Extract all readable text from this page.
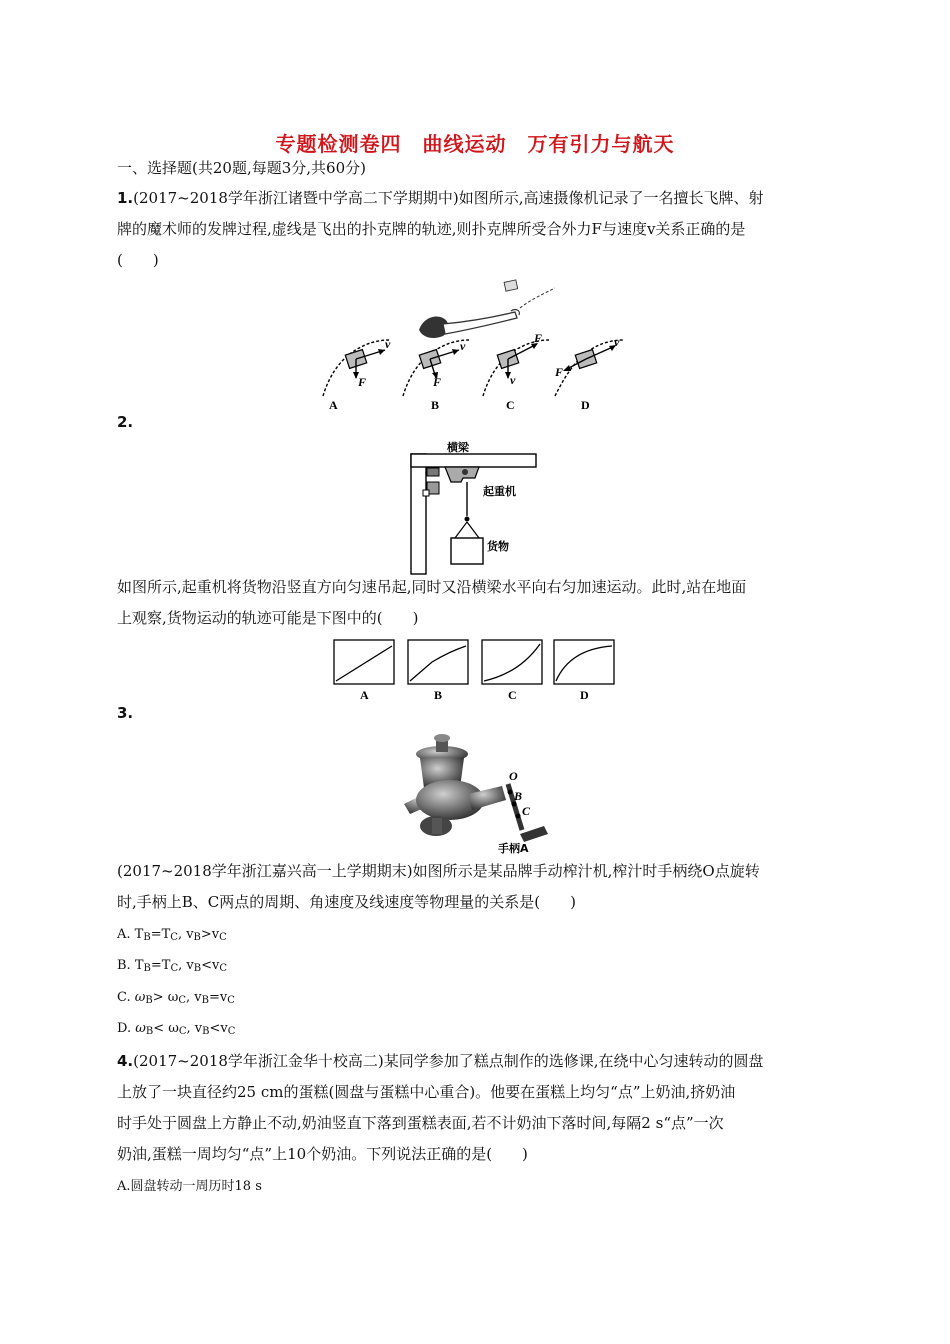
专题检测卷四　曲线运动　万有引力与航天
一、选择题(共20题,每题3分,共60分)
1.(2017~2018学年浙江诸暨中学高二下学期期中)如图所示,高速摄像机记录了一名擅长飞牌、射
牌的魔术师的发牌过程,虚线是飞出的扑克牌的轨迹,则扑克牌所受合外力F与速度v关系正确的是
(　　)
v
F
v
F
F
v
v
F
A	B	C	D
2.
横梁
起重机
货物
如图所示,起重机将货物沿竖直方向匀速吊起,同时又沿横梁水平向右匀加速运动。此时,站在地面
上观察,货物运动的轨迹可能是下图中的(　　)
A	B	C	D
3.
O
B
C
手柄A
(2017~2018学年浙江嘉兴高一上学期期末)如图所示是某品牌手动榨汁机,榨汁时手柄绕O点旋转
时,手柄上B、C两点的周期、角速度及线速度等物理量的关系是(　　)
A. $T_B=T_C$, $v_B>v_C$
B. $T_B=T_C$, $v_B<v_C$
C. $\omega_B> \omega_C$, $v_B=v_C$
D. $\omega_B< \omega_C$, $v_B<v_C$
4.(2017~2018学年浙江金华十校高二)某同学参加了糕点制作的选修课,在绕中心匀速转动的圆盘
上放了一块直径约25 cm的蛋糕(圆盘与蛋糕中心重合)。他要在蛋糕上均匀“点”上奶油,挤奶油
时手处于圆盘上方静止不动,奶油竖直下落到蛋糕表面,若不计奶油下落时间,每隔2 s“点”一次
奶油,蛋糕一周均匀“点”上10个奶油。下列说法正确的是(　　)
A.圆盘转动一周历时18 s
